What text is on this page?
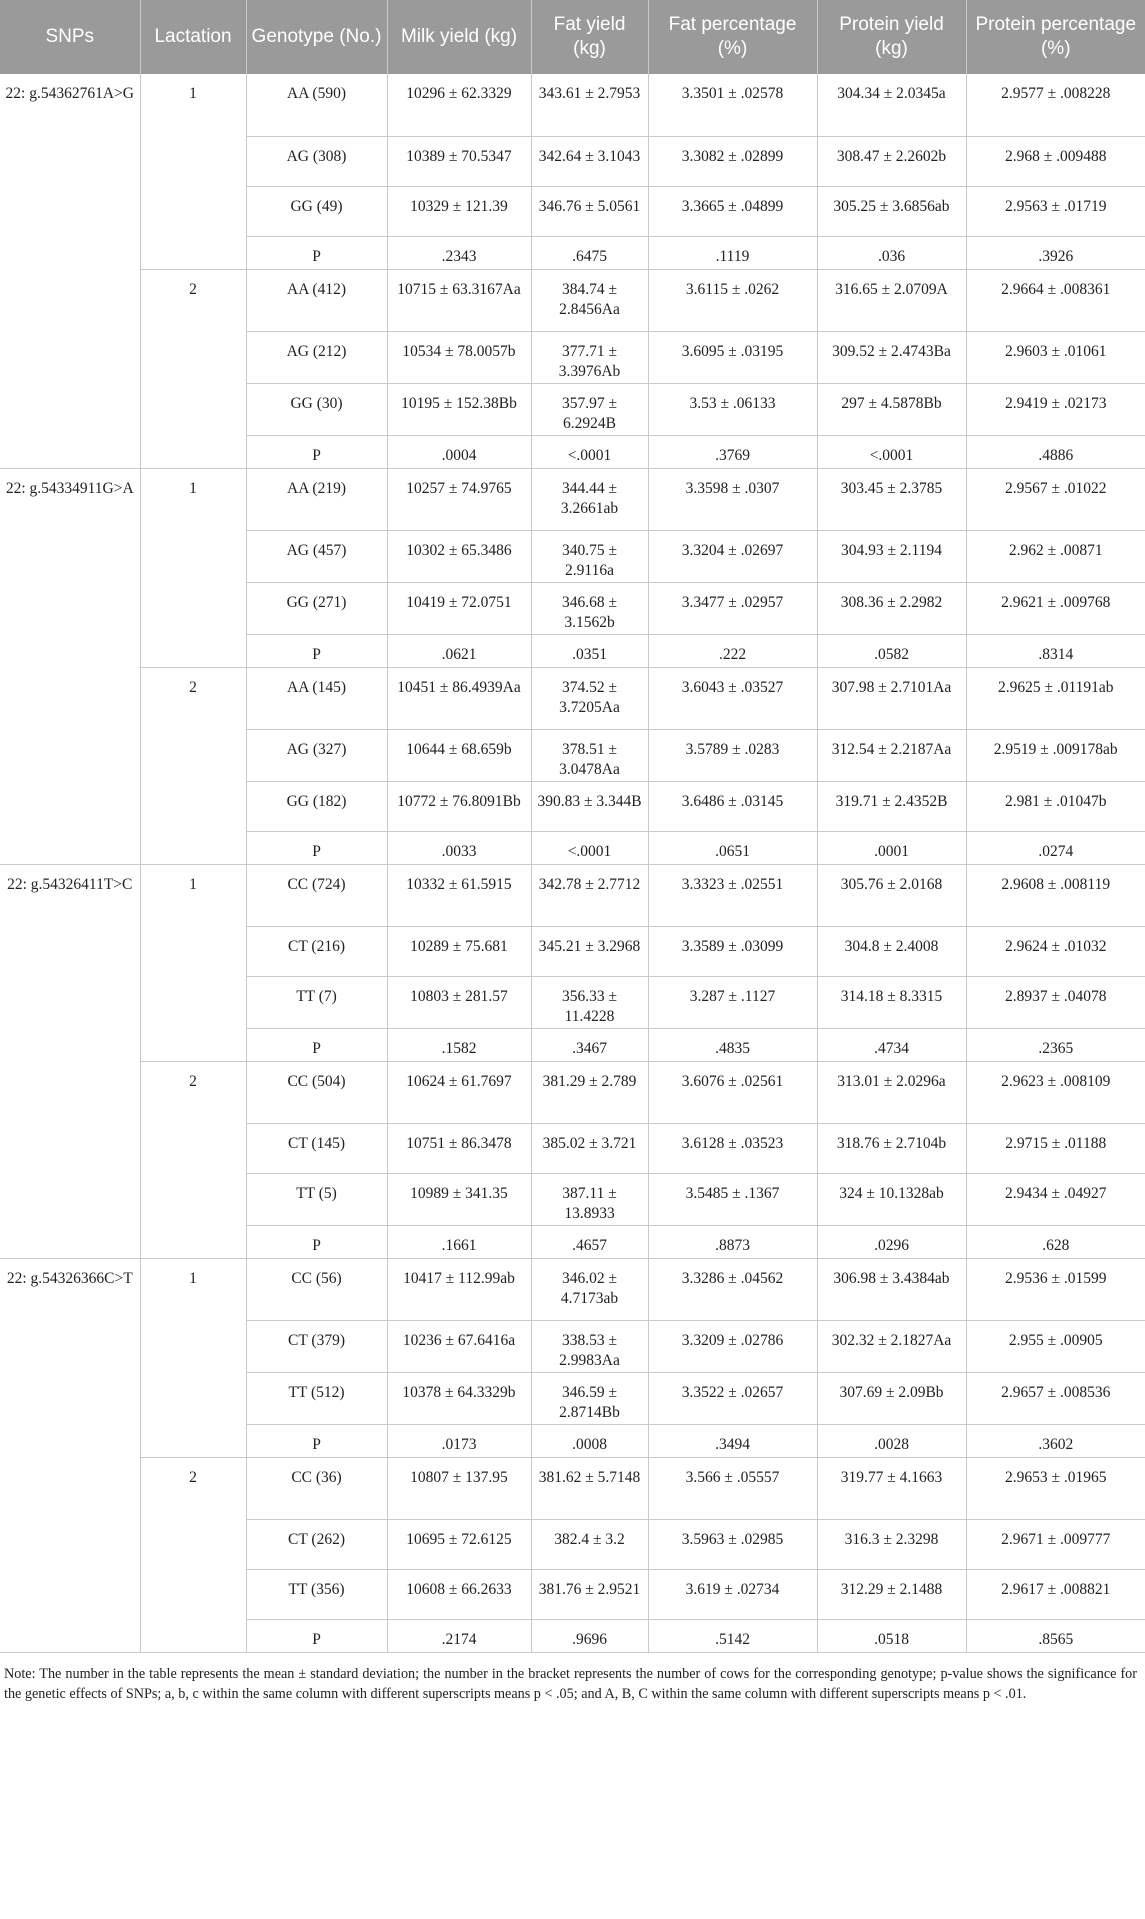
SNPs	Lactation	Genotype (No.)	Milk yield (kg)	Fat yield (kg)	Fat percentage (%)	Protein yield (kg)	Protein percentage (%)
22: g.54362761A>G	1	AA (590)	10296 ± 62.3329	343.61 ± 2.7953	3.3501 ± .02578	304.34 ± 2.0345a	2.9577 ± .008228
		AG (308)	10389 ± 70.5347	342.64 ± 3.1043	3.3082 ± .02899	308.47 ± 2.2602b	2.968 ± .009488
		GG (49)	10329 ± 121.39	346.76 ± 5.0561	3.3665 ± .04899	305.25 ± 3.6856ab	2.9563 ± .01719
		P	.2343	.6475	.1119	.036	.3926
	2	AA (412)	10715 ± 63.3167Aa	384.74 ± 2.8456Aa	3.6115 ± .0262	316.65 ± 2.0709A	2.9664 ± .008361
		AG (212)	10534 ± 78.0057b	377.71 ± 3.3976Ab	3.6095 ± .03195	309.52 ± 2.4743Ba	2.9603 ± .01061
		GG (30)	10195 ± 152.38Bb	357.97 ± 6.2924B	3.53 ± .06133	297 ± 4.5878Bb	2.9419 ± .02173
		P	.0004	<.0001	.3769	<.0001	.4886
22: g.54334911G>A	1	AA (219)	10257 ± 74.9765	344.44 ± 3.2661ab	3.3598 ± .0307	303.45 ± 2.3785	2.9567 ± .01022
		AG (457)	10302 ± 65.3486	340.75 ± 2.9116a	3.3204 ± .02697	304.93 ± 2.1194	2.962 ± .00871
		GG (271)	10419 ± 72.0751	346.68 ± 3.1562b	3.3477 ± .02957	308.36 ± 2.2982	2.9621 ± .009768
		P	.0621	.0351	.222	.0582	.8314
	2	AA (145)	10451 ± 86.4939Aa	374.52 ± 3.7205Aa	3.6043 ± .03527	307.98 ± 2.7101Aa	2.9625 ± .01191ab
		AG (327)	10644 ± 68.659b	378.51 ± 3.0478Aa	3.5789 ± .0283	312.54 ± 2.2187Aa	2.9519 ± .009178ab
		GG (182)	10772 ± 76.8091Bb	390.83 ± 3.344B	3.6486 ± .03145	319.71 ± 2.4352B	2.981 ± .01047b
		P	.0033	<.0001	.0651	.0001	.0274
22: g.54326411T>C	1	CC (724)	10332 ± 61.5915	342.78 ± 2.7712	3.3323 ± .02551	305.76 ± 2.0168	2.9608 ± .008119
		CT (216)	10289 ± 75.681	345.21 ± 3.2968	3.3589 ± .03099	304.8 ± 2.4008	2.9624 ± .01032
		TT (7)	10803 ± 281.57	356.33 ± 11.4228	3.287 ± .1127	314.18 ± 8.3315	2.8937 ± .04078
		P	.1582	.3467	.4835	.4734	.2365
	2	CC (504)	10624 ± 61.7697	381.29 ± 2.789	3.6076 ± .02561	313.01 ± 2.0296a	2.9623 ± .008109
		CT (145)	10751 ± 86.3478	385.02 ± 3.721	3.6128 ± .03523	318.76 ± 2.7104b	2.9715 ± .01188
		TT (5)	10989 ± 341.35	387.11 ± 13.8933	3.5485 ± .1367	324 ± 10.1328ab	2.9434 ± .04927
		P	.1661	.4657	.8873	.0296	.628
22: g.54326366C>T	1	CC (56)	10417 ± 112.99ab	346.02 ± 4.7173ab	3.3286 ± .04562	306.98 ± 3.4384ab	2.9536 ± .01599
		CT (379)	10236 ± 67.6416a	338.53 ± 2.9983Aa	3.3209 ± .02786	302.32 ± 2.1827Aa	2.955 ± .00905
		TT (512)	10378 ± 64.3329b	346.59 ± 2.8714Bb	3.3522 ± .02657	307.69 ± 2.09Bb	2.9657 ± .008536
		P	.0173	.0008	.3494	.0028	.3602
	2	CC (36)	10807 ± 137.95	381.62 ± 5.7148	3.566 ± .05557	319.77 ± 4.1663	2.9653 ± .01965
		CT (262)	10695 ± 72.6125	382.4 ± 3.2	3.5963 ± .02985	316.3 ± 2.3298	2.9671 ± .009777
		TT (356)	10608 ± 66.2633	381.76 ± 2.9521	3.619 ± .02734	312.29 ± 2.1488	2.9617 ± .008821
		P	.2174	.9696	.5142	.0518	.8565
Note: The number in the table represents the mean ± standard deviation; the number in the bracket represents the number of cows for the corresponding genotype; p-value shows the significance for the genetic effects of SNPs; a, b, c within the same column with different superscripts means p < .05; and A, B, C within the same column with different superscripts means p < .01.
